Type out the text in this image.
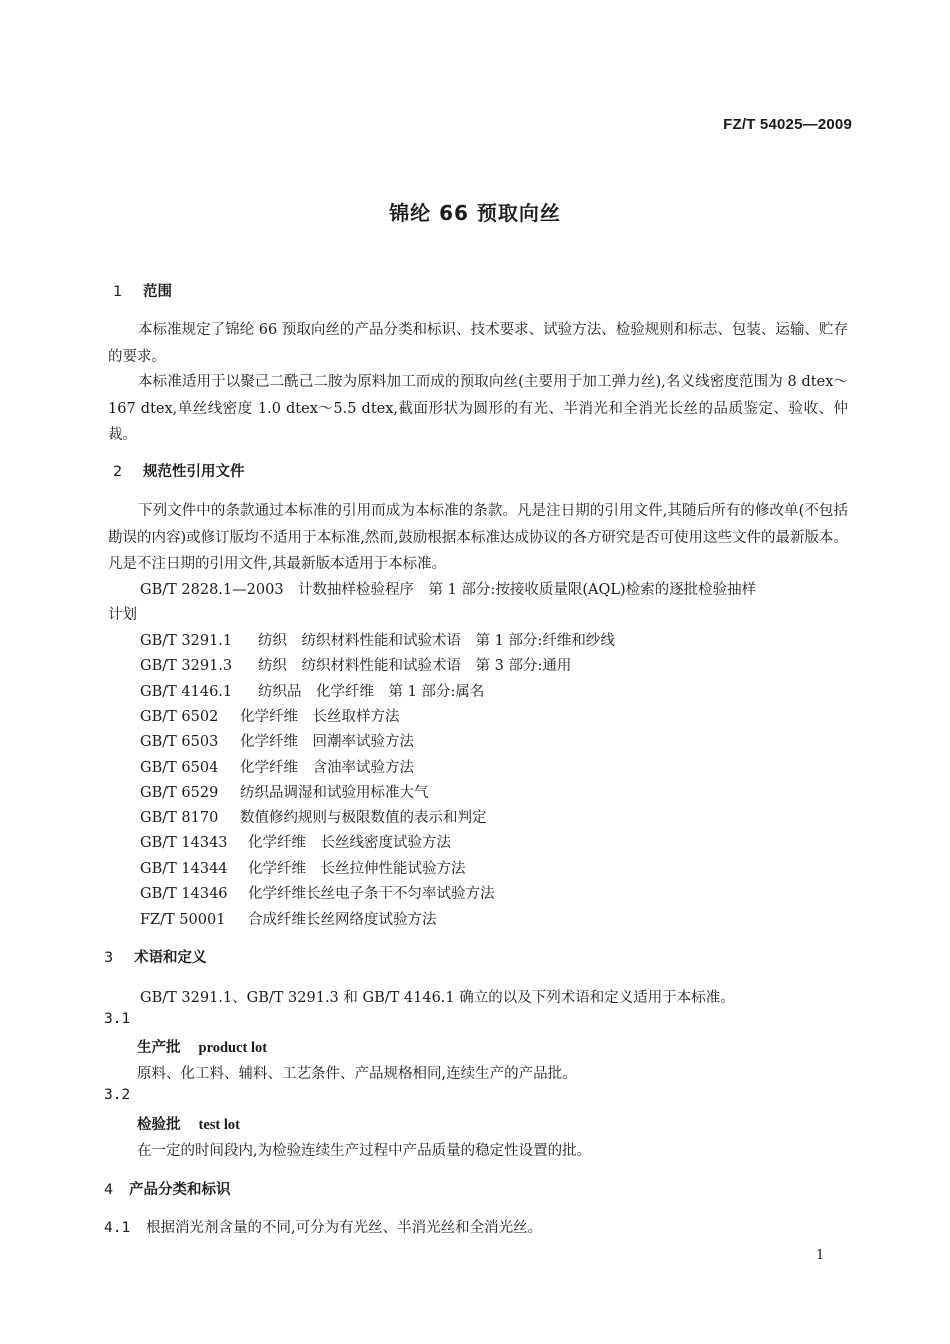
FZ/T 54025—2009
锦纶 66 预取向丝
1 范围
本标准规定了锦纶 66 预取向丝的产品分类和标识、技术要求、试验方法、检验规则和标志、包装、运输、贮存的要求。
本标准适用于以聚己二酰己二胺为原料加工而成的预取向丝(主要用于加工弹力丝),名义线密度范围为 8 dtex～167 dtex,单丝线密度 1.0 dtex～5.5 dtex,截面形状为圆形的有光、半消光和全消光长丝的品质鉴定、验收、仲裁。
2 规范性引用文件
下列文件中的条款通过本标准的引用而成为本标准的条款。凡是注日期的引用文件,其随后所有的修改单(不包括勘误的内容)或修订版均不适用于本标准,然而,鼓励根据本标准达成协议的各方研究是否可使用这些文件的最新版本。凡是不注日期的引用文件,其最新版本适用于本标准。
GB/T 2828.1—2003　计数抽样检验程序　第 1 部分:按接收质量限(AQL)检索的逐批检验抽样
计划
GB/T 3291.1 纺织　纺织材料性能和试验术语　第 1 部分:纤维和纱线
GB/T 3291.3 纺织　纺织材料性能和试验术语　第 3 部分:通用
GB/T 4146.1 纺织品　化学纤维　第 1 部分:属名
GB/T 6502 化学纤维　长丝取样方法
GB/T 6503 化学纤维　回潮率试验方法
GB/T 6504 化学纤维　含油率试验方法
GB/T 6529 纺织品调湿和试验用标准大气
GB/T 8170 数值修约规则与极限数值的表示和判定
GB/T 14343 化学纤维　长丝线密度试验方法
GB/T 14344 化学纤维　长丝拉伸性能试验方法
GB/T 14346 化学纤维长丝电子条干不匀率试验方法
FZ/T 50001 合成纤维长丝网络度试验方法
3 术语和定义
GB/T 3291.1、GB/T 3291.3 和 GB/T 4146.1 确立的以及下列术语和定义适用于本标准。
3.1
生产批 product lot
原料、化工料、辅料、工艺条件、产品规格相同,连续生产的产品批。
3.2
检验批 test lot
在一定的时间段内,为检验连续生产过程中产品质量的稳定性设置的批。
4 产品分类和标识
4.1 根据消光剂含量的不同,可分为有光丝、半消光丝和全消光丝。
1
